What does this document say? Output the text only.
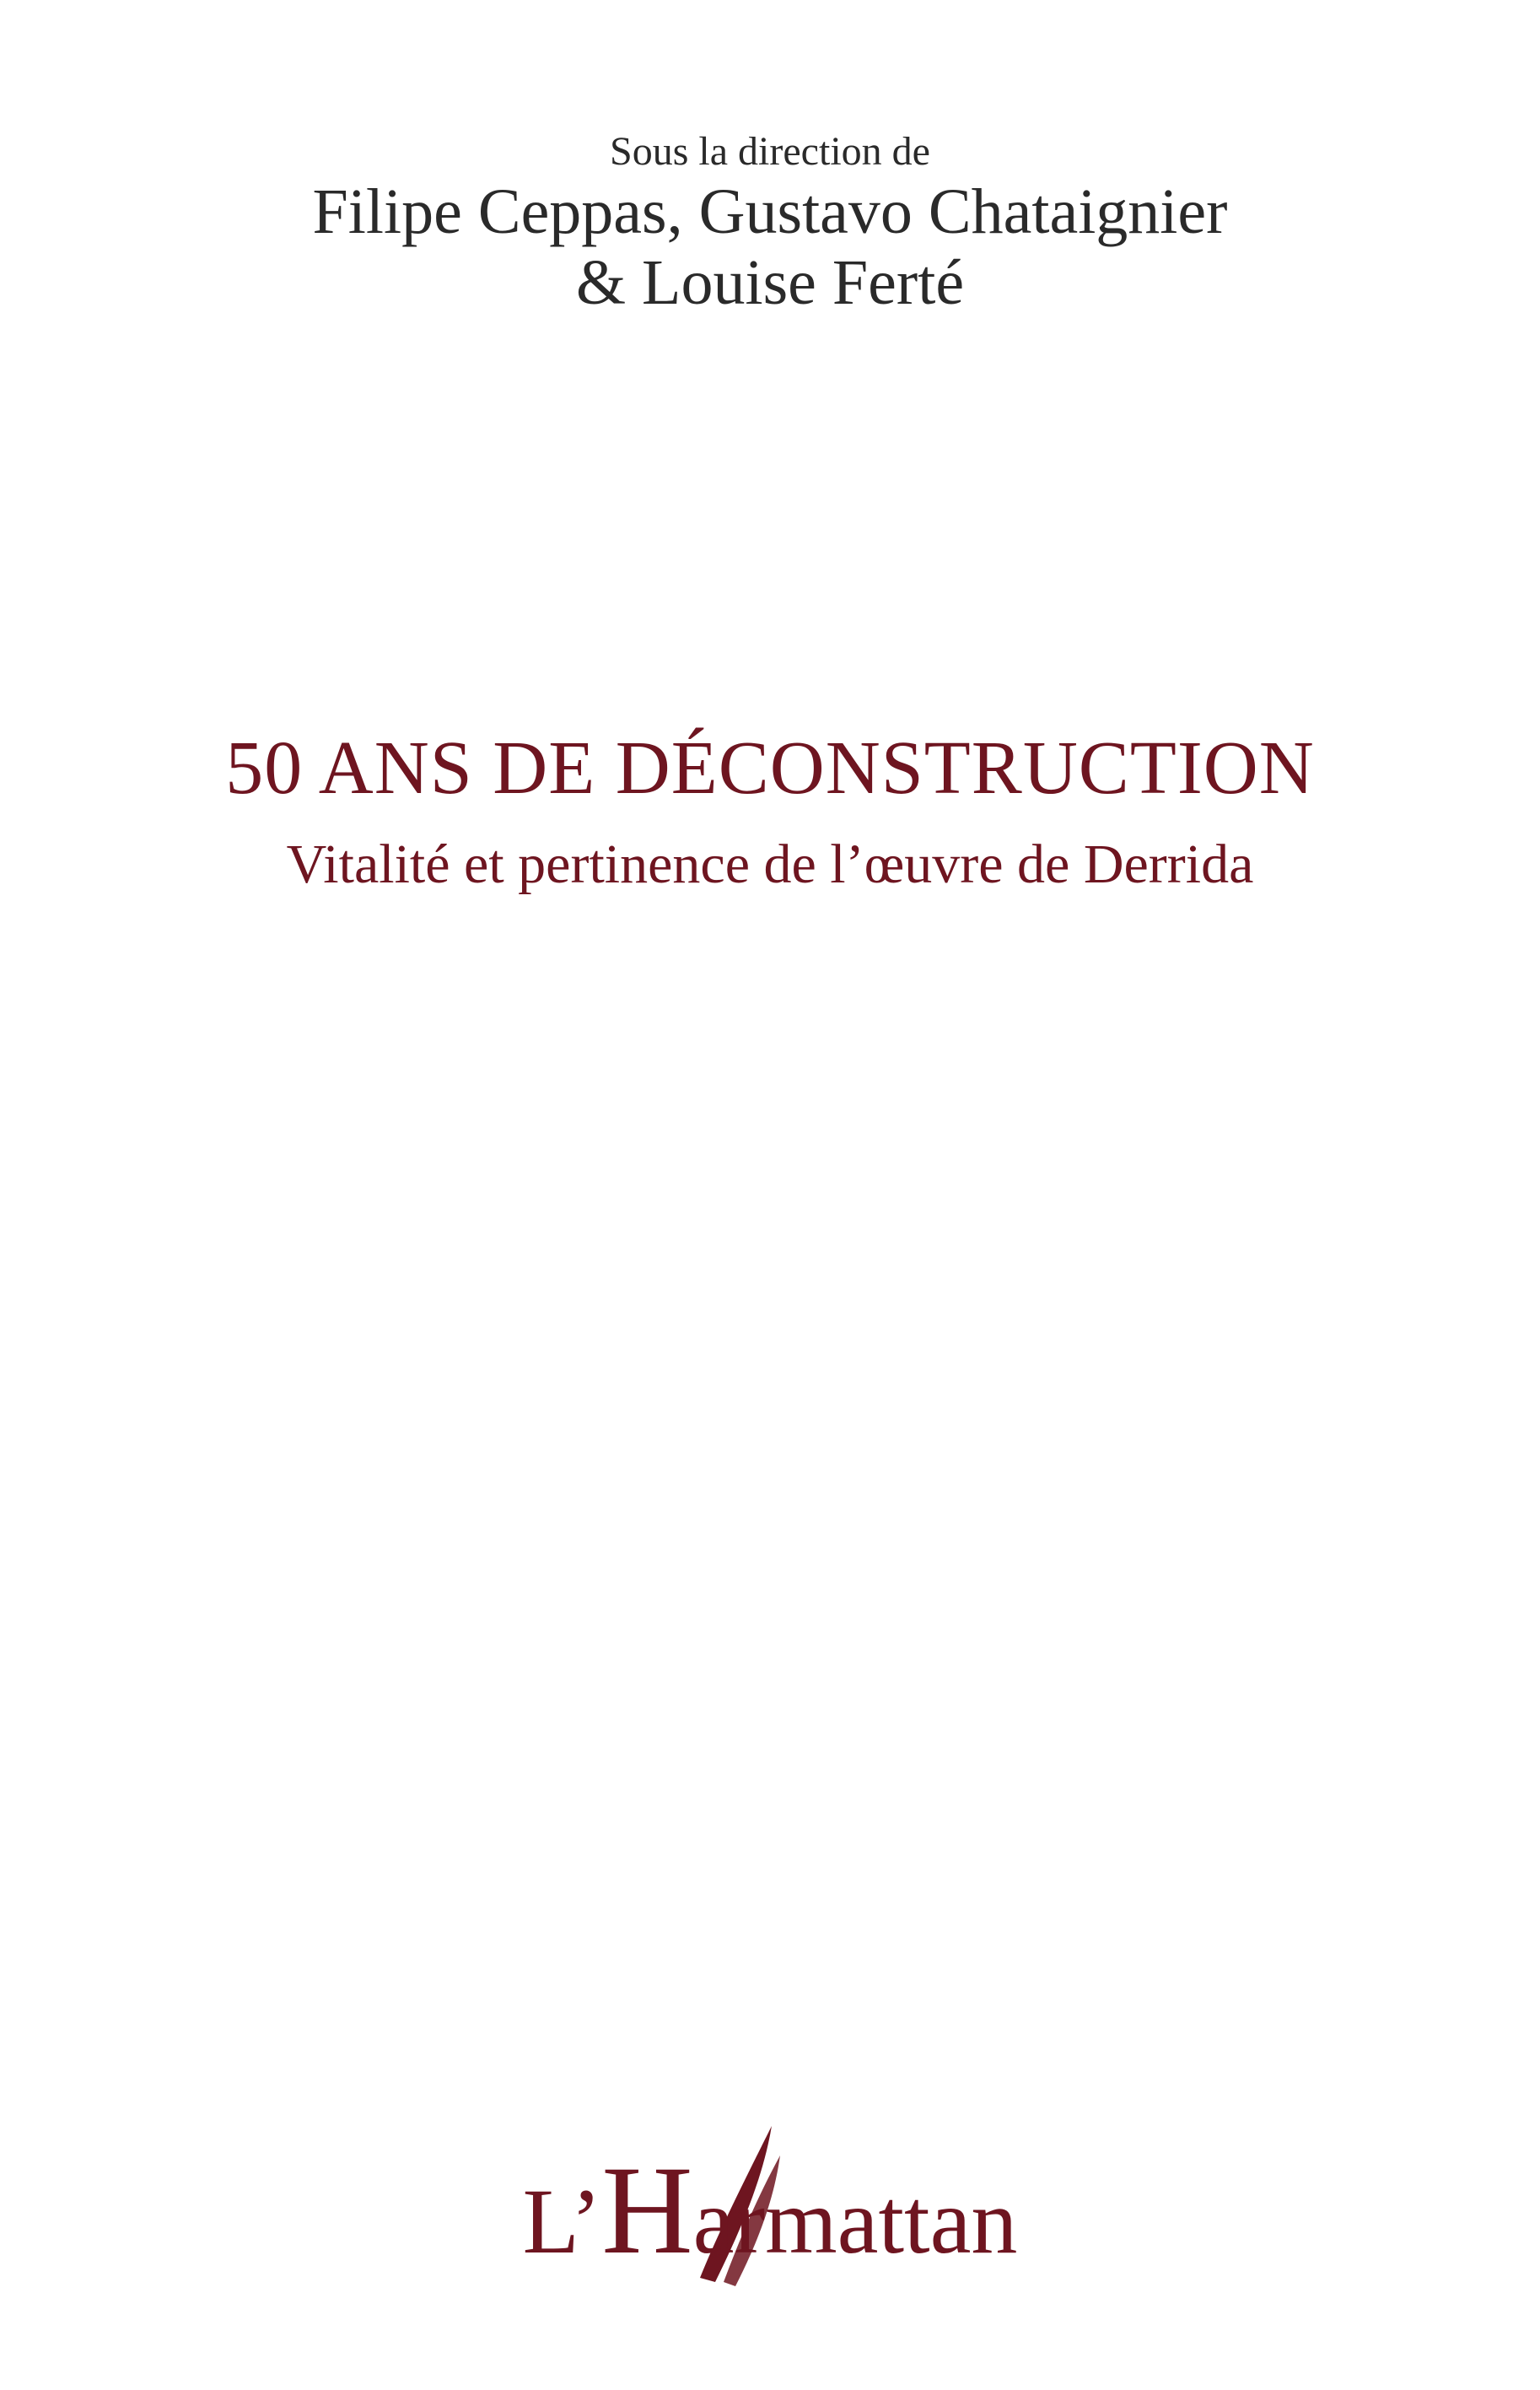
Sous la direction de
Filipe Ceppas, Gustavo Chataignier
& Louise Ferté
50 ANS DE DÉCONSTRUCTION
Vitalité et pertinence de l’œuvre de Derrida
L’Harmattan
